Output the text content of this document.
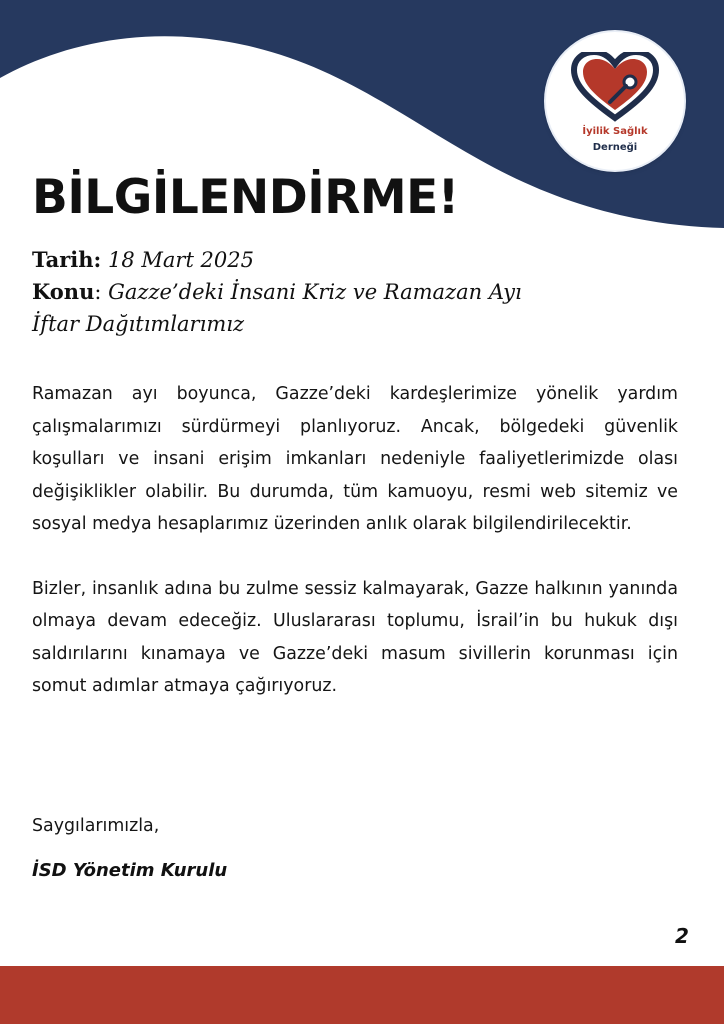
İyilik Sağlık
Derneği
BİLGİLENDİRME!
Tarih: 18 Mart 2025
Konu: Gazze’deki İnsani Kriz ve Ramazan Ayı
İftar Dağıtımlarımız

Ramazan ayı boyunca, Gazze’deki kardeşlerimize yönelik yardım çalışmalarımızı sürdürmeyi planlıyoruz. Ancak, bölgedeki güvenlik koşulları ve insani erişim imkanları nedeniyle faaliyetlerimizde olası değişiklikler olabilir. Bu durumda, tüm kamuoyu, resmi web sitemiz ve sosyal medya hesaplarımız üzerinden anlık olarak bilgilendirilecektir.

Bizler, insanlık adına bu zulme sessiz kalmayarak, Gazze halkının yanında olmaya devam edeceğiz. Uluslararası toplumu, İsrail’in bu hukuk dışı saldırılarını kınamaya ve Gazze’deki masum sivillerin korunması için somut adımlar atmaya çağırıyoruz.

Saygılarımızla,
İSD Yönetim Kurulu
2
